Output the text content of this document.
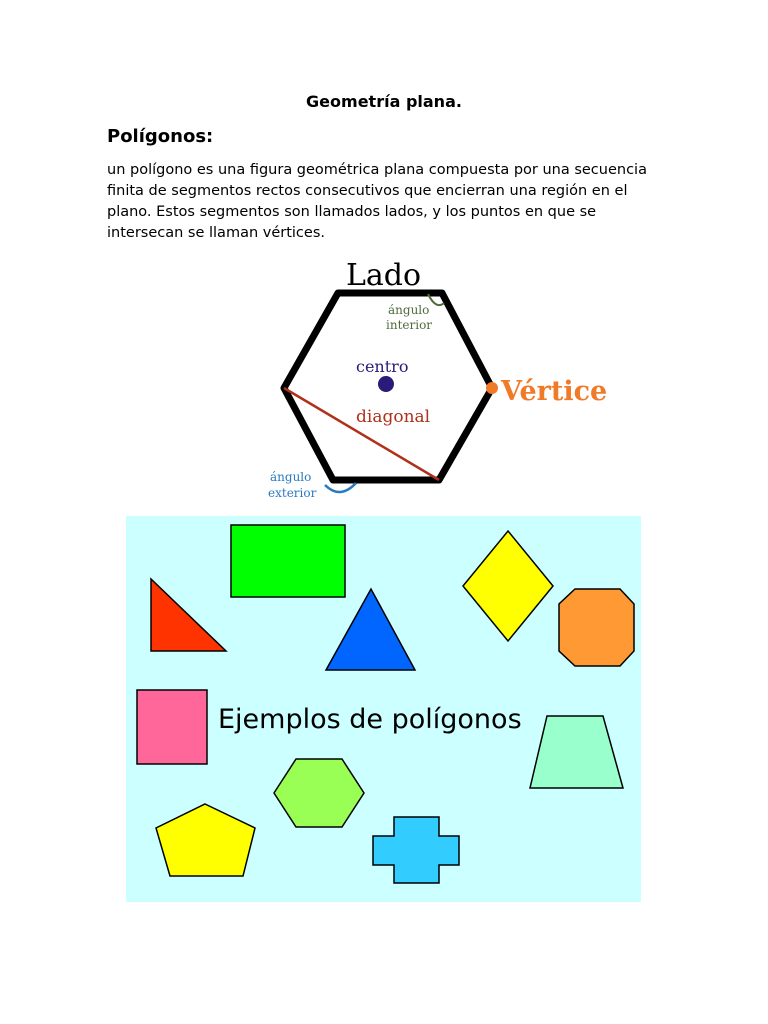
Geometría plana.
Polígonos:

un polígono es una figura geométrica plana compuesta por una secuencia finita de segmentos rectos consecutivos que encierran una región en el plano. Estos segmentos son llamados lados, y los puntos en que se intersecan se llaman vértices.

Lado
ángulo
interior
centro
Vértice
diagonal
ángulo
exterior
Ejemplos de polígonos
